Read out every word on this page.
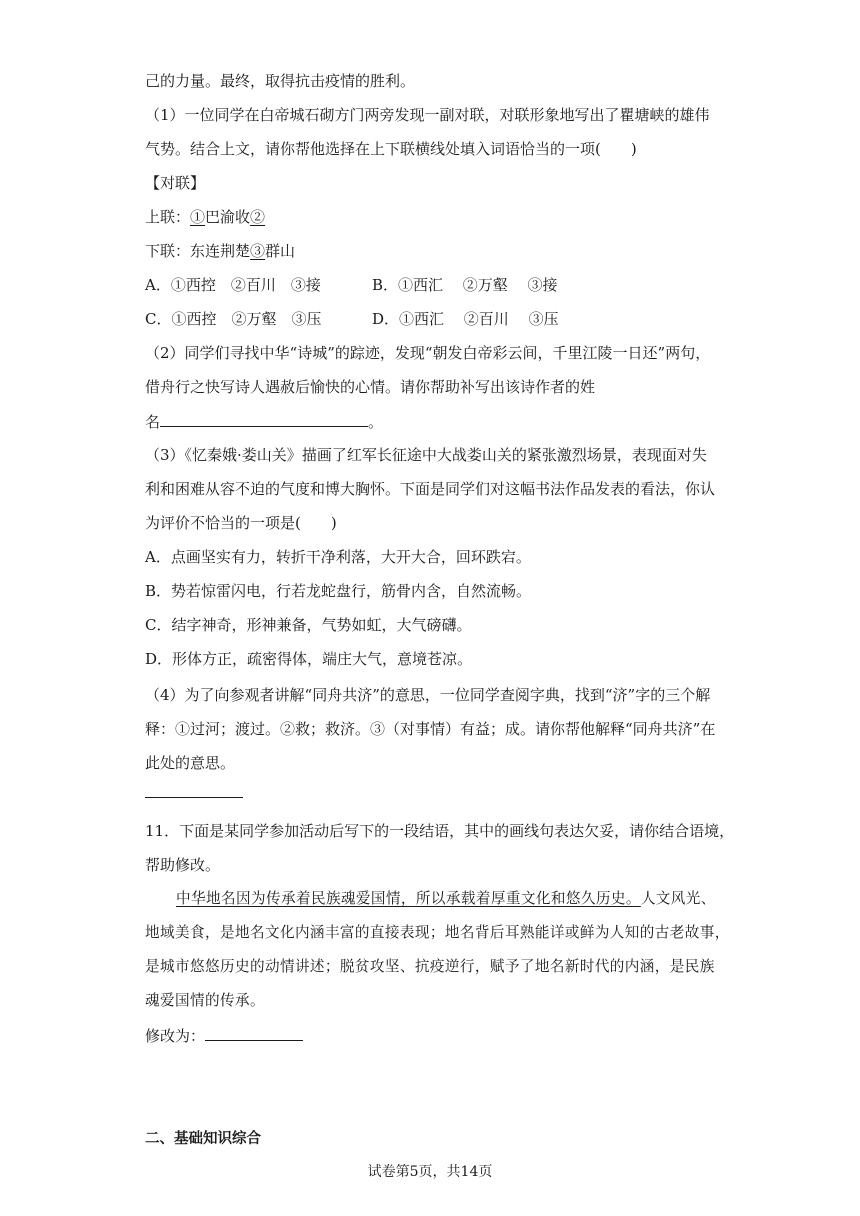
己的力量。最终，取得抗击疫情的胜利。
（1）一位同学在白帝城石砌方门两旁发现一副对联，对联形象地写出了瞿塘峡的雄伟
气势。结合上文，请你帮他选择在上下联横线处填入词语恰当的一项(　　)
【对联】
上联：①巴渝收②
下联：东连荆楚③群山
A．①西控　②百川　③接	B．①西汇　 ②万壑　 ③接
C．①西控　②万壑　③压	D．①西汇　 ②百川　 ③压
（2）同学们寻找中华“诗城”的踪迹，发现“朝发白帝彩云间，千里江陵一日还”两句，
借舟行之快写诗人遇赦后愉快的心情。请你帮助补写出该诗作者的姓
名	。
（3）《忆秦娥·娄山关》描画了红军长征途中大战娄山关的紧张激烈场景，表现面对失
利和困难从容不迫的气度和博大胸怀。下面是同学们对这幅书法作品发表的看法，你认
为评价不恰当的一项是(　　)
A．点画坚实有力，转折干净利落，大开大合，回环跌宕。
B．势若惊雷闪电，行若龙蛇盘行，筋骨内含，自然流畅。
C．结字神奇，形神兼备，气势如虹，大气磅礴。
D．形体方正，疏密得体，端庄大气，意境苍凉。
（4）为了向参观者讲解“同舟共济”的意思，一位同学查阅字典，找到“济”字的三个解
释：①过河；渡过。②救；救济。③（对事情）有益；成。请你帮他解释“同舟共济”在
此处的意思。
11．下面是某同学参加活动后写下的一段结语，其中的画线句表达欠妥，请你结合语境，
帮助修改。
中华地名因为传承着民族魂爱国情，所以承载着厚重文化和悠久历史。人文风光、
地域美食，是地名文化内涵丰富的直接表现；地名背后耳熟能详或鲜为人知的古老故事，
是城市悠悠历史的动情讲述；脱贫攻坚、抗疫逆行，赋予了地名新时代的内涵，是民族
魂爱国情的传承。
修改为：
二、基础知识综合
试卷第5页，共14页
